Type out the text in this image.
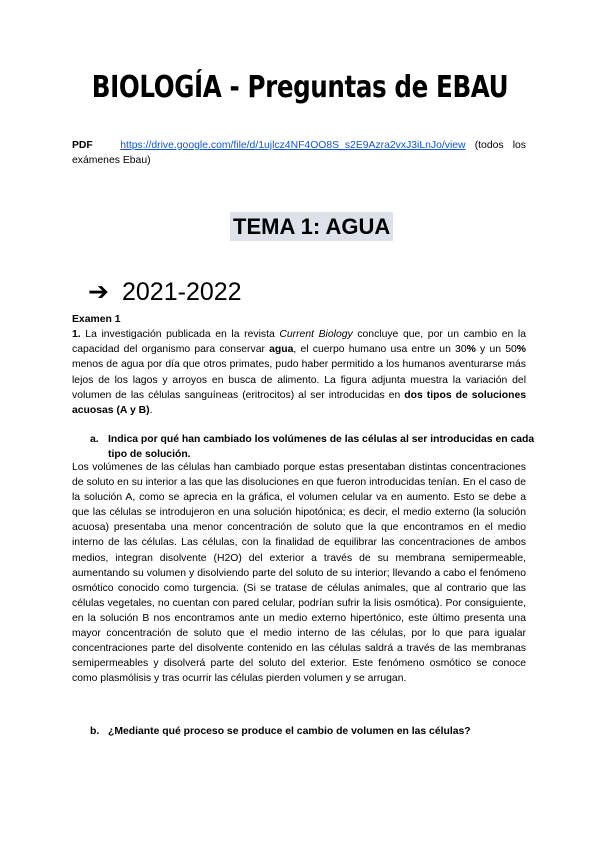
BIOLOGÍA - Preguntas de EBAU
PDF	https://drive.google.com/file/d/1ujlcz4NF4OO8S_s2E9Azra2vxJ3iLnJo/view (todos los exámenes Ebau)
TEMA 1: AGUA
➔ 2021-2022
Examen 1
1. La investigación publicada en la revista Current Biology concluye que, por un cambio en la capacidad del organismo para conservar agua, el cuerpo humano usa entre un 30% y un 50% menos de agua por día que otros primates, pudo haber permitido a los humanos aventurarse más lejos de los lagos y arroyos en busca de alimento. La figura adjunta muestra la variación del volumen de las células sanguíneas (eritrocitos) al ser introducidas en dos tipos de soluciones acuosas (A y B).
a. Indica por qué han cambiado los volúmenes de las células al ser introducidas en cada tipo de solución.
Los volúmenes de las células han cambiado porque estas presentaban distintas concentraciones de soluto en su interior a las que las disoluciones en que fueron introducidas tenían. En el caso de la solución A, como se aprecia en la gráfica, el volumen celular va en aumento. Esto se debe a que las células se introdujeron en una solución hipotónica; es decir, el medio externo (la solución acuosa) presentaba una menor concentración de soluto que la que encontramos en el medio interno de las células. Las células, con la finalidad de equilibrar las concentraciones de ambos medios, integran disolvente (H2O) del exterior a través de su membrana semipermeable, aumentando su volumen y disolviendo parte del soluto de su interior; llevando a cabo el fenómeno osmótico conocido como turgencia. (Si se tratase de células animales, que al contrario que las células vegetales, no cuentan con pared celular, podrían sufrir la lisis osmótica). Por consiguiente, en la solución B nos encontramos ante un medio externo hipertónico, este último presenta una mayor concentración de soluto que el medio interno de las células, por lo que para igualar concentraciones parte del disolvente contenido en las células saldrá a través de las membranas semipermeables y disolverá parte del soluto del exterior. Este fenómeno osmótico se conoce como plasmólisis y tras ocurrir las células pierden volumen y se arrugan.
b. ¿Mediante qué proceso se produce el cambio de volumen en las células?
